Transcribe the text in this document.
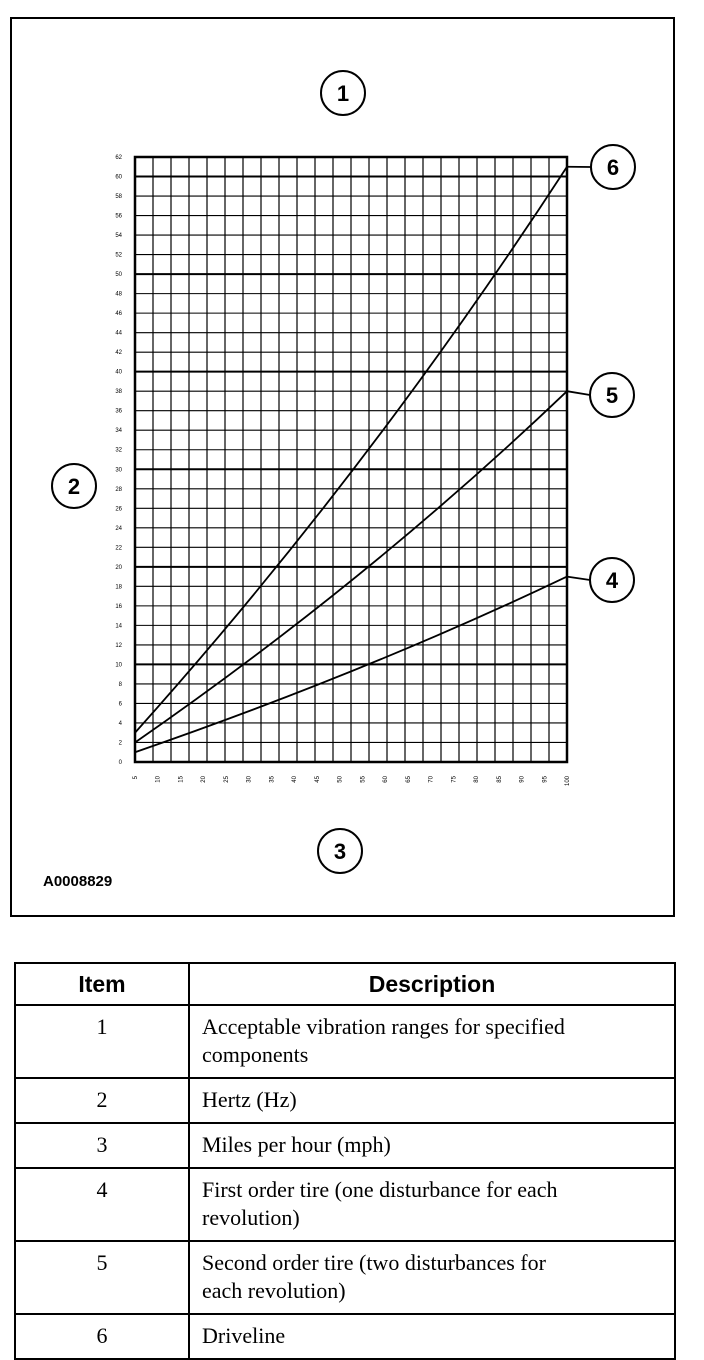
0
2
4
6
8
10
12
14
16
18
20
22
24
26
28
30
32
34
36
38
40
42
44
46
48
50
52
54
56
58
60
62
5	10	15	20	25	30	35	40	45	50	55	60	65	70	75	80	85	90	95	100
4
5
6
1
2
3
A0008829
Item	Description
1	Acceptable vibration ranges for specified
components
2	Hertz (Hz)
3	Miles per hour (mph)
4	First order tire (one disturbance for each
revolution)
5	Second order tire (two disturbances for
each revolution)
6	Driveline
